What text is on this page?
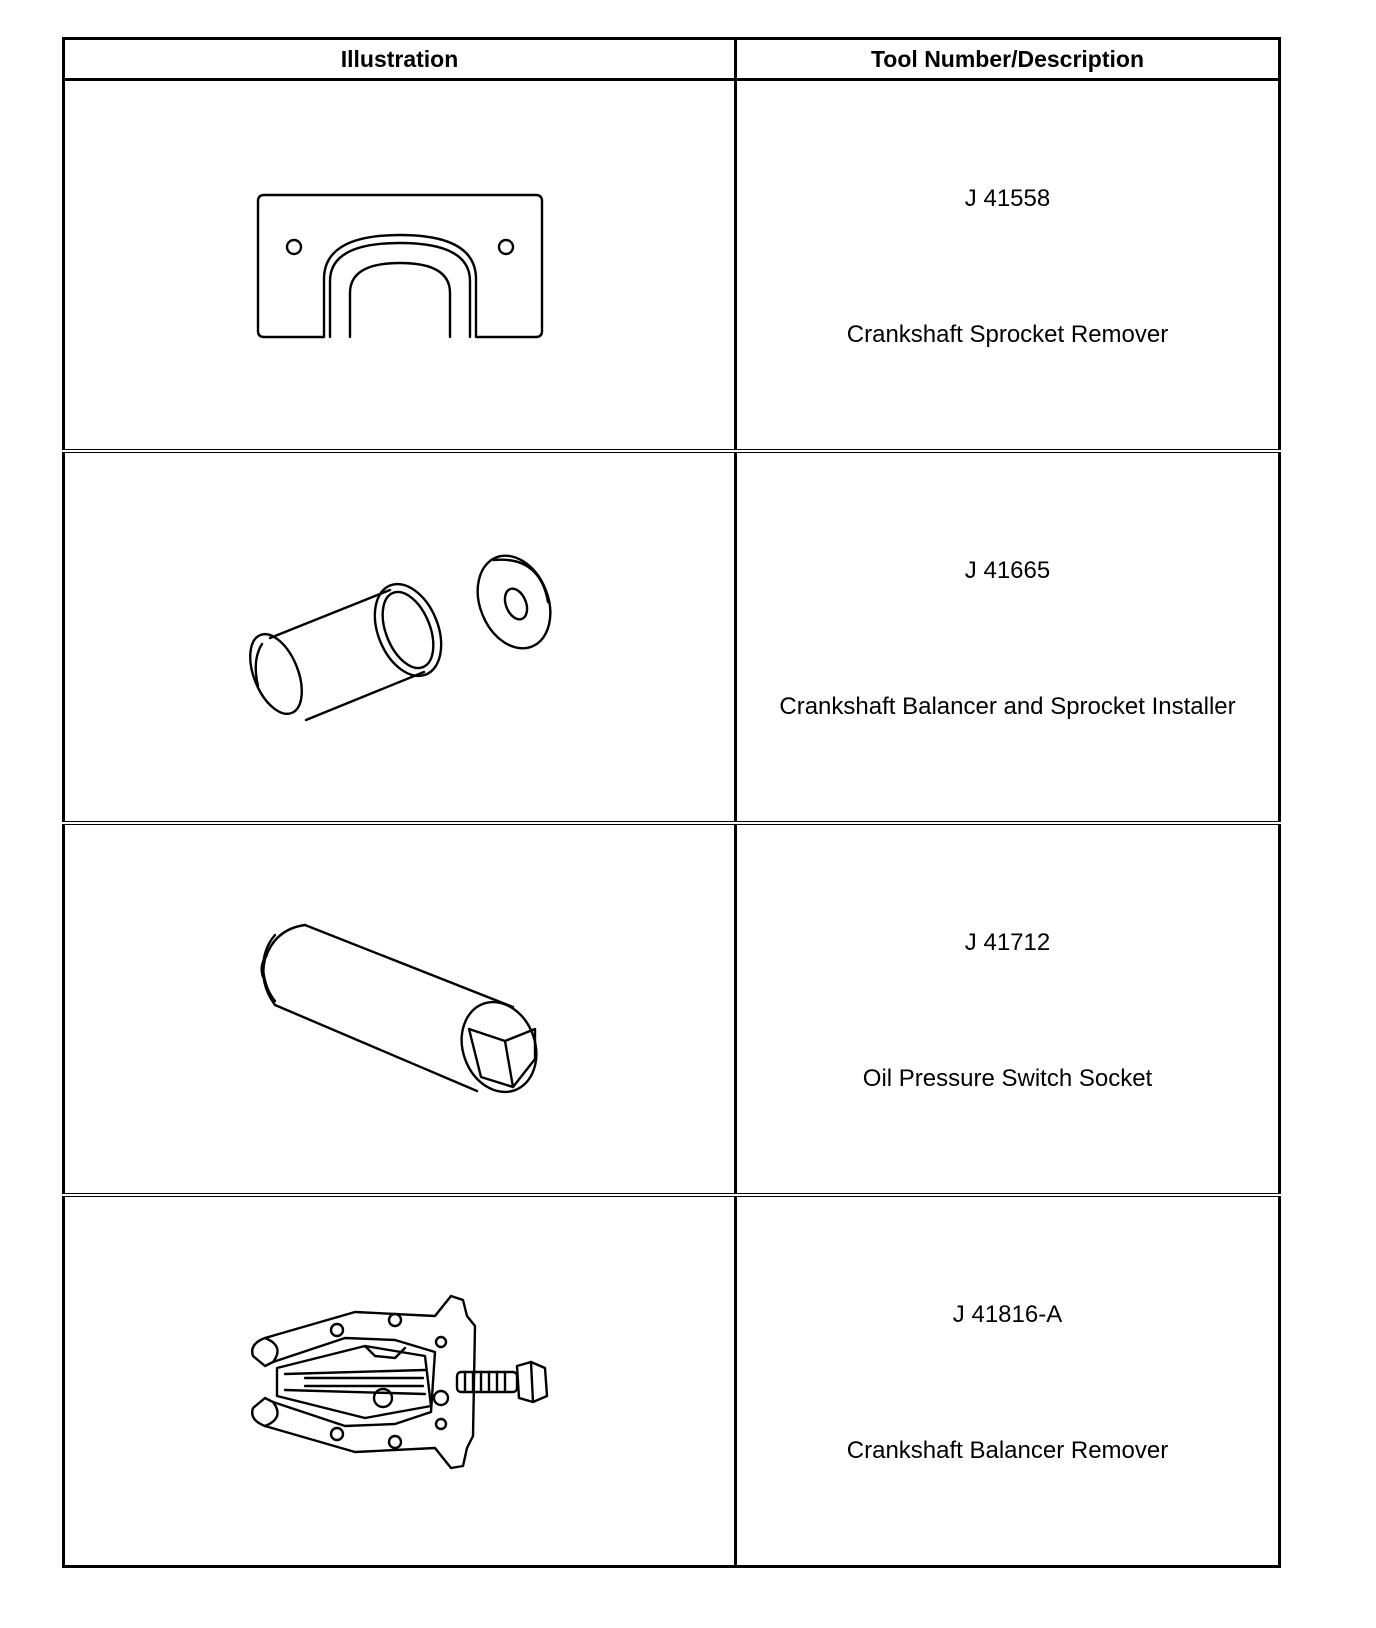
Illustration	Tool Number/Description

J 41558
Crankshaft Sprocket Remover

J 41665
Crankshaft Balancer and Sprocket Installer

J 41712
Oil Pressure Switch Socket

J 41816-A
Crankshaft Balancer Remover
